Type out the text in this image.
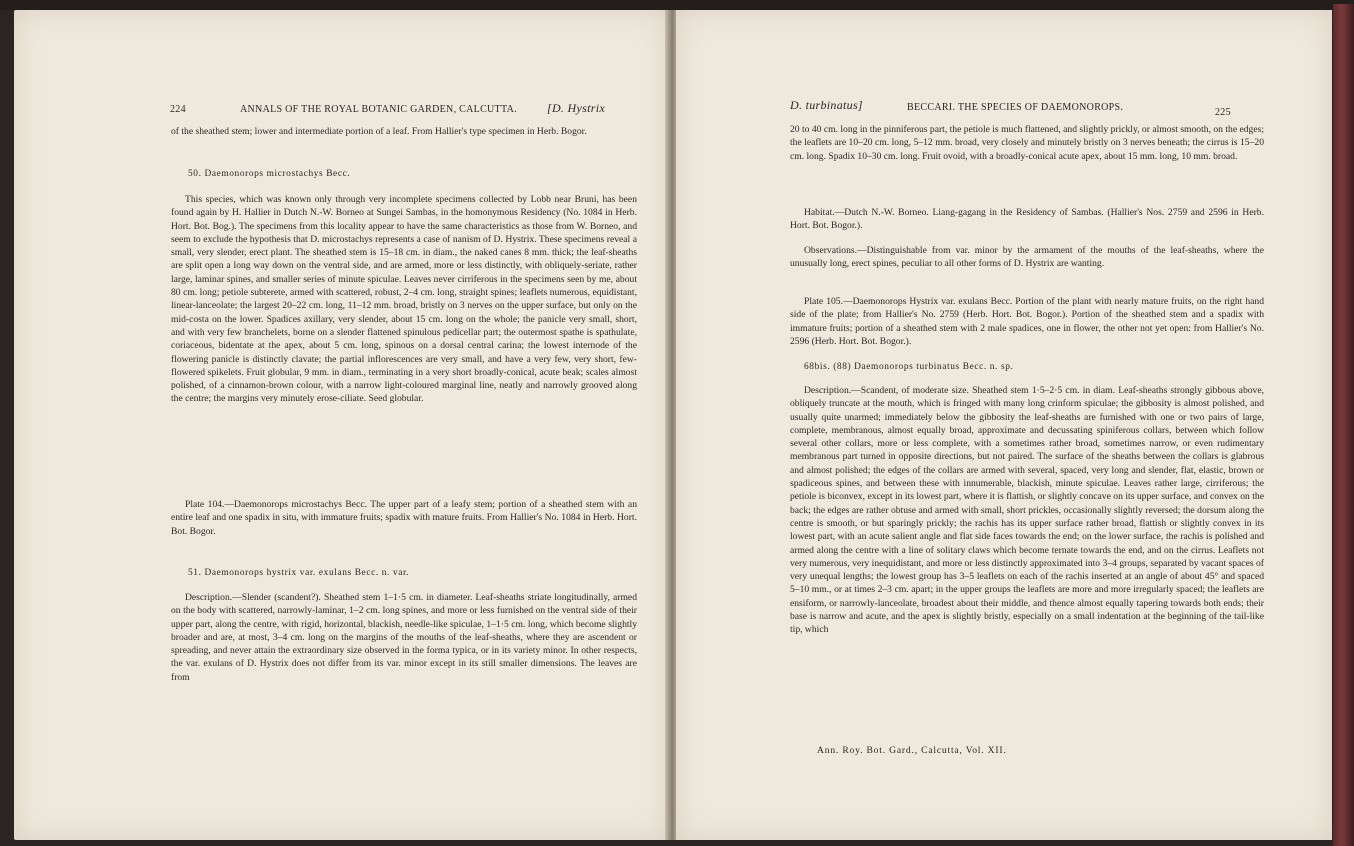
224	ANNALS OF THE ROYAL BOTANIC GARDEN, CALCUTTA.	[D. Hystrix

of the sheathed stem; lower and intermediate portion of a leaf. From Hallier's type specimen in Herb. Bogor.

50. Daemonorops microstachys Becc.

This species, which was known only through very incomplete specimens collected by Lobb near Bruni, has been found again by H. Hallier in Dutch N.-W. Borneo at Sungei Sambas, in the homonymous Residency (No. 1084 in Herb. Hort. Bot. Bog.). The specimens from this locality appear to have the same characteristics as those from W. Borneo, and seem to exclude the hypothesis that D. microstachys represents a case of nanism of D. Hystrix. These specimens reveal a small, very slender, erect plant. The sheathed stem is 15–18 cm. in diam., the naked canes 8 mm. thick; the leaf-sheaths are split open a long way down on the ventral side, and are armed, more or less distinctly, with obliquely-seriate, rather large, laminar spines, and smaller series of minute spiculae. Leaves never cirriferous in the specimens seen by me, about 80 cm. long; petiole subterete, armed with scattered, robust, 2–4 cm. long, straight spines; leaflets numerous, equidistant, linear-lanceolate; the largest 20–22 cm. long, 11–12 mm. broad, bristly on 3 nerves on the upper surface, but only on the mid-costa on the lower. Spadices axillary, very slender, about 15 cm. long on the whole; the panicle very small, short, and with very few branchelets, borne on a slender flattened spinulous pedicellar part; the outermost spathe is spathulate, coriaceous, bidentate at the apex, about 5 cm. long, spinous on a dorsal central carina; the lowest internode of the flowering panicle is distinctly clavate; the partial inflorescences are very small, and have a very few, very short, few-flowered spikelets. Fruit globular, 9 mm. in diam., terminating in a very short broadly-conical, acute beak; scales almost polished, of a cinnamon-brown colour, with a narrow light-coloured marginal line, neatly and narrowly grooved along the centre; the margins very minutely erose-ciliate. Seed globular.

Plate 104.—Daemonorops microstachys Becc. The upper part of a leafy stem; portion of a sheathed stem with an entire leaf and one spadix in situ, with immature fruits; spadix with mature fruits. From Hallier's No. 1084 in Herb. Hort. Bot. Bogor.

51. Daemonorops hystrix var. exulans Becc. n. var.

Description.—Slender (scandent?). Sheathed stem 1–1·5 cm. in diameter. Leaf-sheaths striate longitudinally, armed on the body with scattered, narrowly-laminar, 1–2 cm. long spines, and more or less furnished on the ventral side of their upper part, along the centre, with rigid, horizontal, blackish, needle-like spiculae, 1–1·5 cm. long, which become slightly broader and are, at most, 3–4 cm. long on the margins of the mouths of the leaf-sheaths, where they are ascendent or spreading, and never attain the extraordinary size observed in the forma typica, or in its variety minor. In other respects, the var. exulans of D. Hystrix does not differ from its var. minor except in its still smaller dimensions. The leaves are from

D. turbinatus]	BECCARI. THE SPECIES OF DAEMONOROPS.	225

20 to 40 cm. long in the pinniferous part, the petiole is much flattened, and slightly prickly, or almost smooth, on the edges; the leaflets are 10–20 cm. long, 5–12 mm. broad, very closely and minutely bristly on 3 nerves beneath; the cirrus is 15–20 cm. long. Spadix 10–30 cm. long. Fruit ovoid, with a broadly-conical acute apex, about 15 mm. long, 10 mm. broad.

Habitat.—Dutch N.-W. Borneo. Liang-gagang in the Residency of Sambas. (Hallier's Nos. 2759 and 2596 in Herb. Hort. Bot. Bogor.).

Observations.—Distinguishable from var. minor by the armament of the mouths of the leaf-sheaths, where the unusually long, erect spines, peculiar to all other forms of D. Hystrix are wanting.

Plate 105.—Daemonorops Hystrix var. exulans Becc. Portion of the plant with nearly mature fruits, on the right hand side of the plate; from Hallier's No. 2759 (Herb. Hort. Bot. Bogor.). Portion of the sheathed stem and a spadix with immature fruits; portion of a sheathed stem with 2 male spadices, one in flower, the other not yet open: from Hallier's No. 2596 (Herb. Hort. Bot. Bogor.).

68bis. (88) Daemonorops turbinatus Becc. n. sp.

Description.—Scandent, of moderate size. Sheathed stem 1·5–2·5 cm. in diam. Leaf-sheaths strongly gibbous above, obliquely truncate at the mouth, which is fringed with many long crinform spiculae; the gibbosity is almost polished, and usually quite unarmed; immediately below the gibbosity the leaf-sheaths are furnished with one or two pairs of large, complete, membranous, almost equally broad, approximate and decussating spiniferous collars, between which follow several other collars, more or less complete, with a sometimes rather broad, sometimes narrow, or even rudimentary membranous part turned in opposite directions, but not paired. The surface of the sheaths between the collars is glabrous and almost polished; the edges of the collars are armed with several, spaced, very long and slender, flat, elastic, brown or spadiceous spines, and between these with innumerable, blackish, minute spiculae. Leaves rather large, cirriferous; the petiole is biconvex, except in its lowest part, where it is flattish, or slightly concave on its upper surface, and convex on the back; the edges are rather obtuse and armed with small, short prickles, occasionally slightly reversed; the dorsum along the centre is smooth, or but sparingly prickly; the rachis has its upper surface rather broad, flattish or slightly convex in its lowest part, with an acute salient angle and flat side faces towards the end; on the lower surface, the rachis is polished and armed along the centre with a line of solitary claws which become ternate towards the end, and on the cirrus. Leaflets not very numerous, very inequidistant, and more or less distinctly approximated into 3–4 groups, separated by vacant spaces of very unequal lengths; the lowest group has 3–5 leaflets on each of the rachis inserted at an angle of about 45° and spaced 5–10 mm., or at times 2–3 cm. apart; in the upper groups the leaflets are more and more irregularly spaced; the leaflets are ensiform, or narrowly-lanceolate, broadest about their middle, and thence almost equally tapering towards both ends; their base is narrow and acute, and the apex is slightly bristly, especially on a small indentation at the beginning of the tail-like tip, which

Ann. Roy. Bot. Gard., Calcutta, Vol. XII.
